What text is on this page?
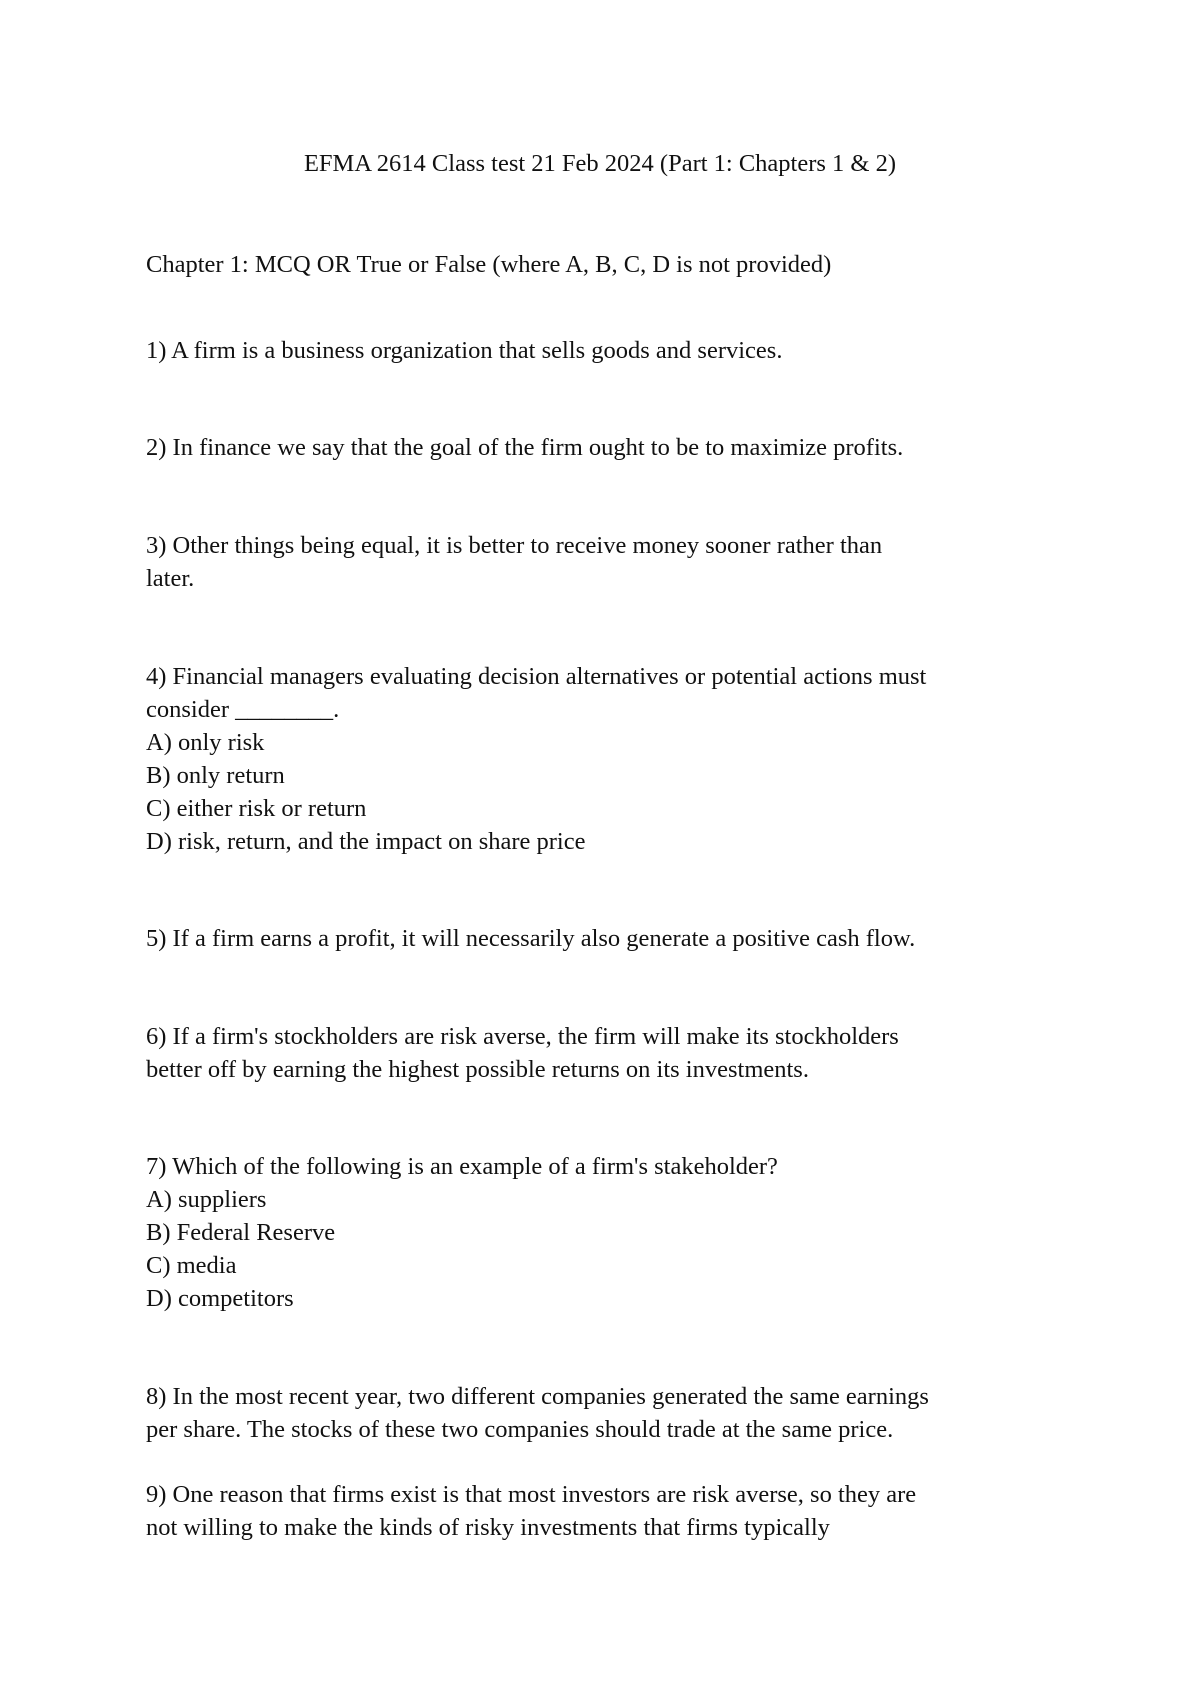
EFMA 2614 Class test 21 Feb 2024 (Part 1: Chapters 1 & 2)

Chapter 1: MCQ OR True or False (where A, B, C, D is not provided)

1) A firm is a business organization that sells goods and services.

2) In finance we say that the goal of the firm ought to be to maximize profits.

3) Other things being equal, it is better to receive money sooner rather than

later.

4) Financial managers evaluating decision alternatives or potential actions must

consider ________.

A) only risk

B) only return

C) either risk or return

D) risk, return, and the impact on share price

5) If a firm earns a profit, it will necessarily also generate a positive cash flow.

6) If a firm's stockholders are risk averse, the firm will make its stockholders

better off by earning the highest possible returns on its investments.

7) Which of the following is an example of a firm's stakeholder?

A) suppliers

B) Federal Reserve

C) media

D) competitors

8) In the most recent year, two different companies generated the same earnings

per share. The stocks of these two companies should trade at the same price.

9) One reason that firms exist is that most investors are risk averse, so they are

not willing to make the kinds of risky investments that firms typically
